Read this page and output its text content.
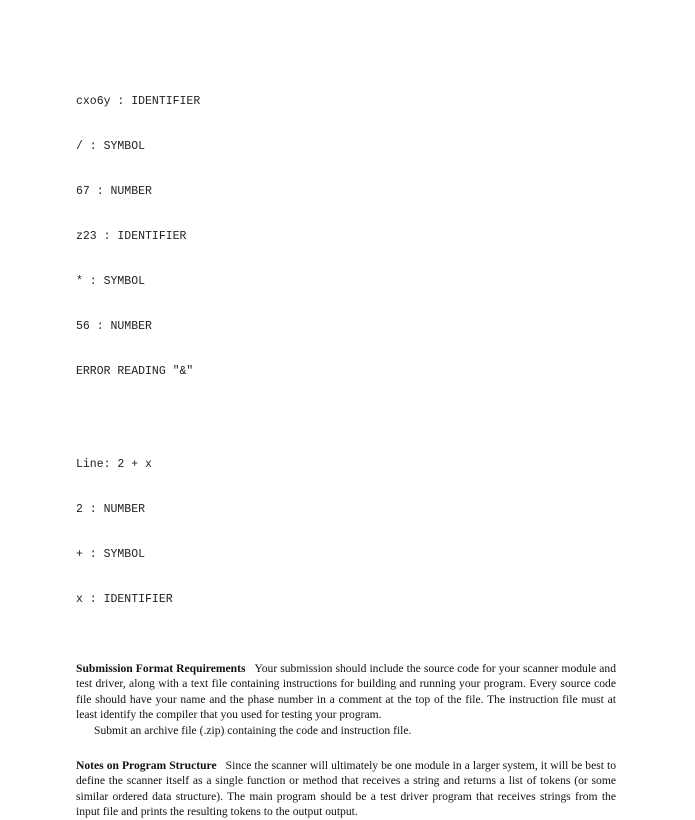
cxo6y : IDENTIFIER

/ : SYMBOL

67 : NUMBER

z23 : IDENTIFIER

* : SYMBOL

56 : NUMBER

ERROR READING "&"

Line: 2 + x

2 : NUMBER

+ : SYMBOL

x : IDENTIFIER

Submission Format Requirements Your submission should include the source code for your scanner module and test driver, along with a text file containing instructions for building and running your program. Every source code file should have your name and the phase number in a comment at the top of the file. The instruction file must at least identify the compiler that you used for testing your program.
Submit an archive file (.zip) containing the code and instruction file.
Notes on Program Structure Since the scanner will ultimately be one module in a larger system, it will be best to define the scanner itself as a single function or method that receives a string and returns a list of tokens (or some similar ordered data structure). The main program should be a test driver program that receives strings from the input file and prints the resulting tokens to the output output.
